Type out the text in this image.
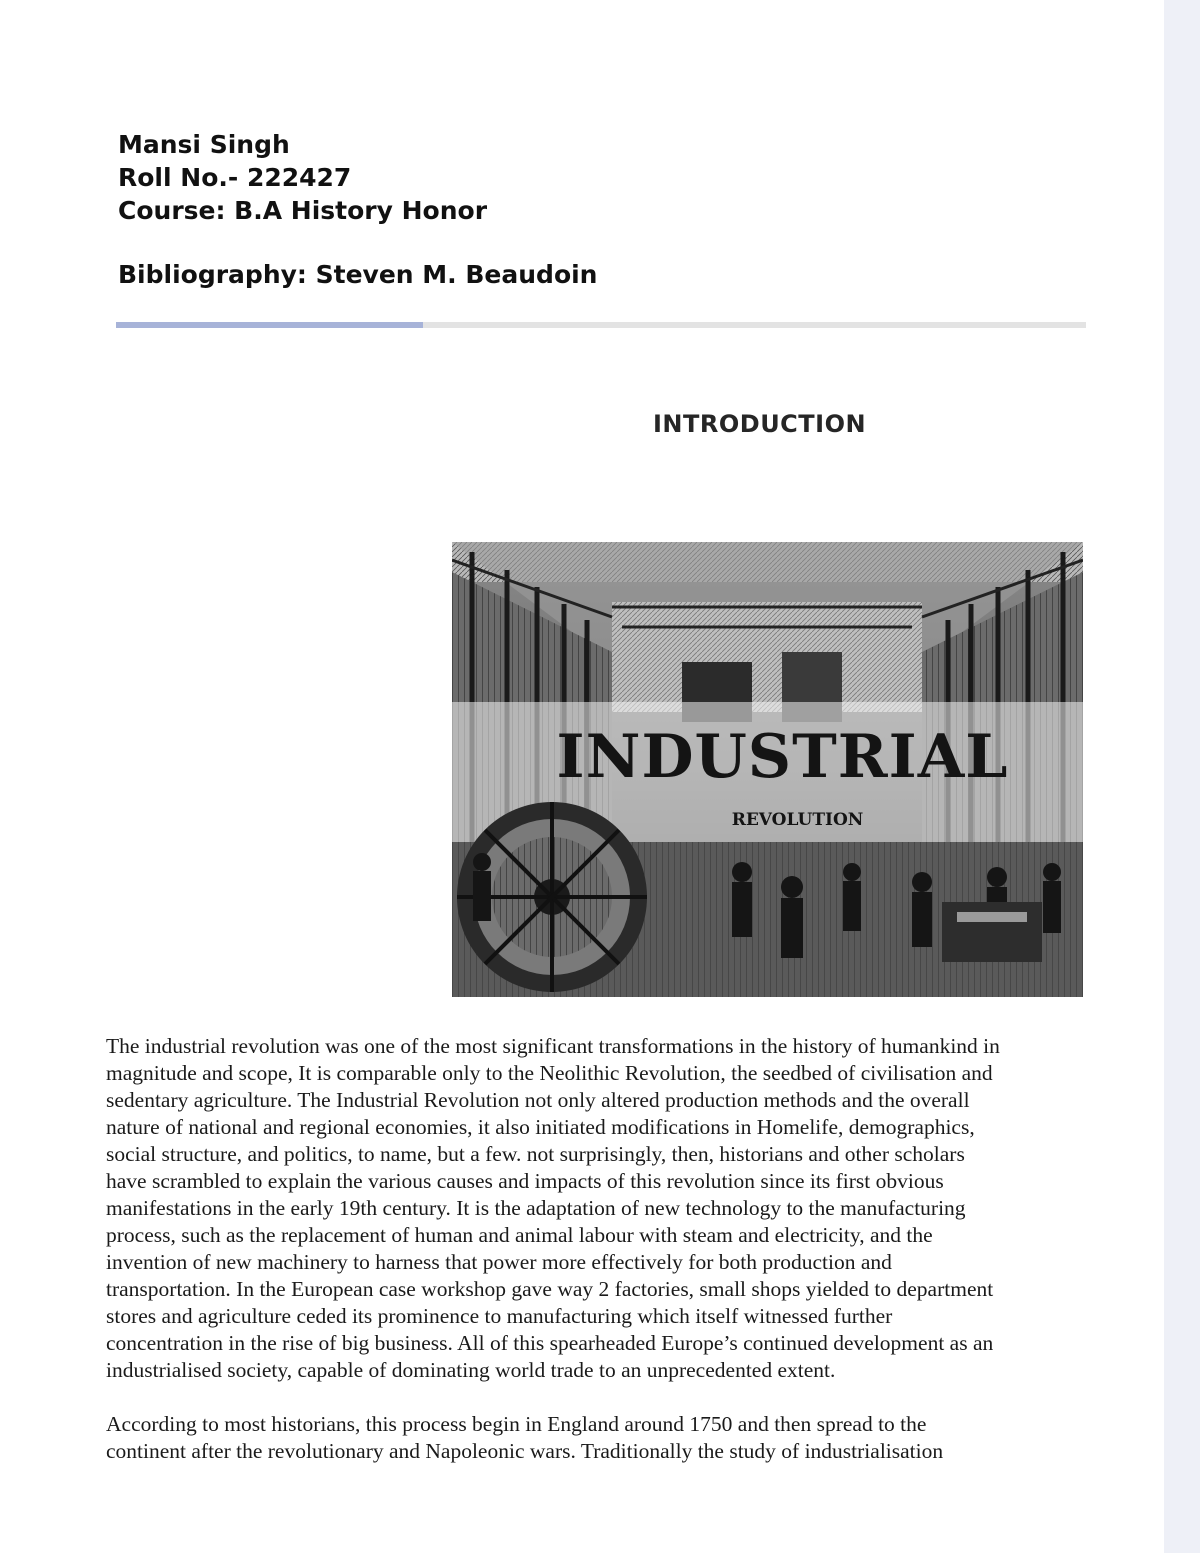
Mansi Singh
Roll No.- 222427
Course: B.A History Honor
Bibliography: Steven M. Beaudoin
INTRODUCTION
INDUSTRIAL
REVOLUTION

The industrial revolution was one of the most significant transformations in the history of humankind in
magnitude and scope, It is comparable only to the Neolithic Revolution, the seedbed of civilisation and
sedentary agriculture. The Industrial Revolution not only altered production methods and the overall
nature of national and regional economies, it also initiated modifications in Homelife, demographics,
social structure, and politics, to name, but a few. not surprisingly, then, historians and other scholars
have scrambled to explain the various causes and impacts of this revolution since its first obvious
manifestations in the early 19th century. It is the adaptation of new technology to the manufacturing
process, such as the replacement of human and animal labour with steam and electricity, and the
invention of new machinery to harness that power more effectively for both production and
transportation. In the European case workshop gave way 2 factories, small shops yielded to department
stores and agriculture ceded its prominence to manufacturing which itself witnessed further
concentration in the rise of big business. All of this spearheaded Europe’s continued development as an
industrialised society, capable of dominating world trade to an unprecedented extent.

According to most historians, this process begin in England around 1750 and then spread to the
continent after the revolutionary and Napoleonic wars. Traditionally the study of industrialisation
